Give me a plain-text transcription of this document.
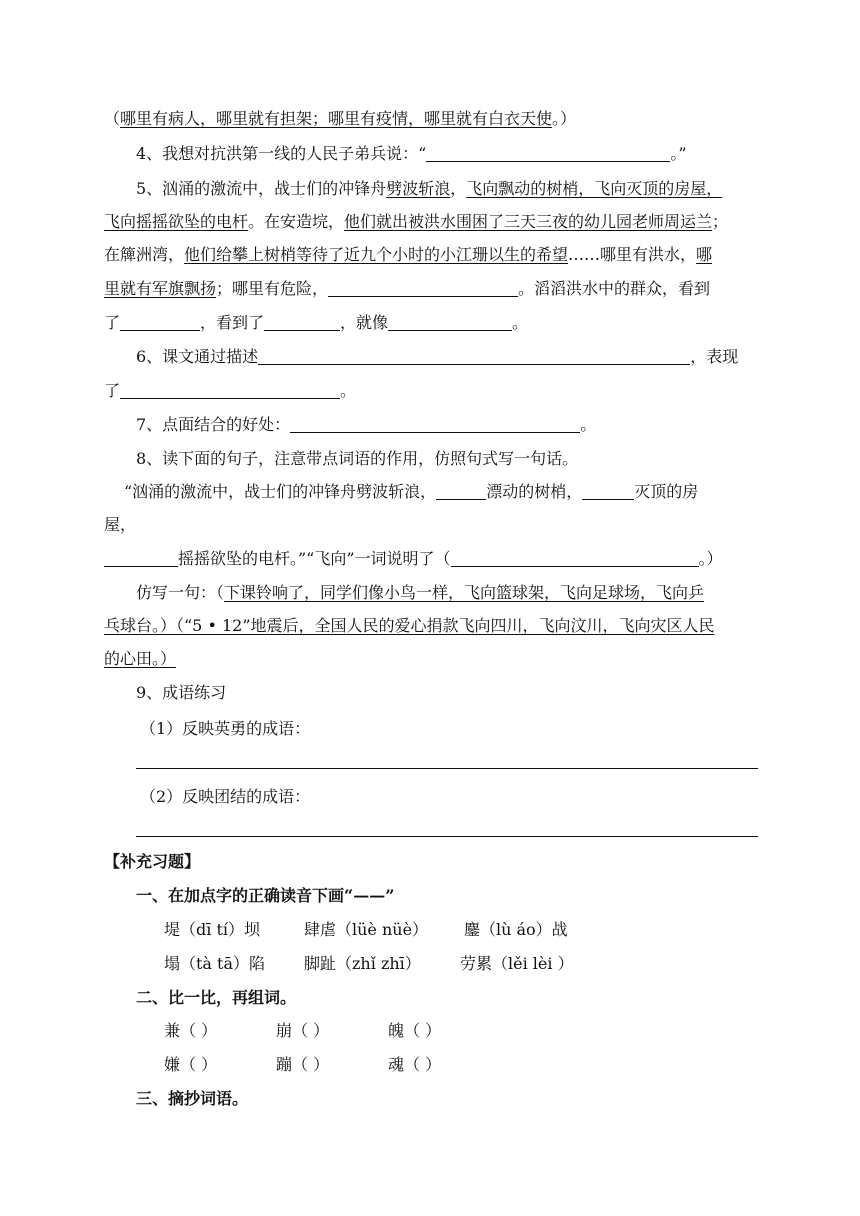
（哪里有病人，哪里就有担架；哪里有疫情，哪里就有白衣天使。）
4、我想对抗洪第一线的人民子弟兵说：“	。”
5、汹涌的激流中，战士们的冲锋舟劈波斩浪，飞向飘动的树梢，飞向灭顶的房屋，
飞向摇摇欲坠的电杆。在安造垸，他们就出被洪水围困了三天三夜的幼儿园老师周运兰；
在簰洲湾，他们给攀上树梢等待了近九个小时的小江珊以生的希望……哪里有洪水，哪
里就有军旗飘扬；哪里有危险，	。滔滔洪水中的群众，看到
了	，看到了	，就像	。
6、课文通过描述	，表现
了	。
7、点面结合的好处：	。
8、读下面的句子，注意带点词语的作用，仿照句式写一句话。
“汹涌的激流中，战士们的冲锋舟劈波斩浪，	漂动的树梢，	灭顶的房
屋，
摇摇欲坠的电杆。”“飞向”一词说明了（	。）
仿写一句：（下课铃响了，同学们像小鸟一样，飞向篮球架，飞向足球场，飞向乒
乓球台。）（“5 • 12”地震后，全国人民的爱心捐款飞向四川，飞向汶川，飞向灾区人民
的心田。）
9、成语练习
（1）反映英勇的成语：
（2）反映团结的成语：
【补充习题】
一、在加点字的正确读音下画“——”
堤（dī tí）坝	肆虐（lüè nüè） 鏖（lù áo）战
塌（tà tā）陷 脚趾（zhǐ zhī） 劳累（lěi lèi ）
二、比一比，再组词。
兼（ ）	崩（ ）	魄（ ）
嫌（ ）	蹦（ ）	魂（ ）
三、摘抄词语。
